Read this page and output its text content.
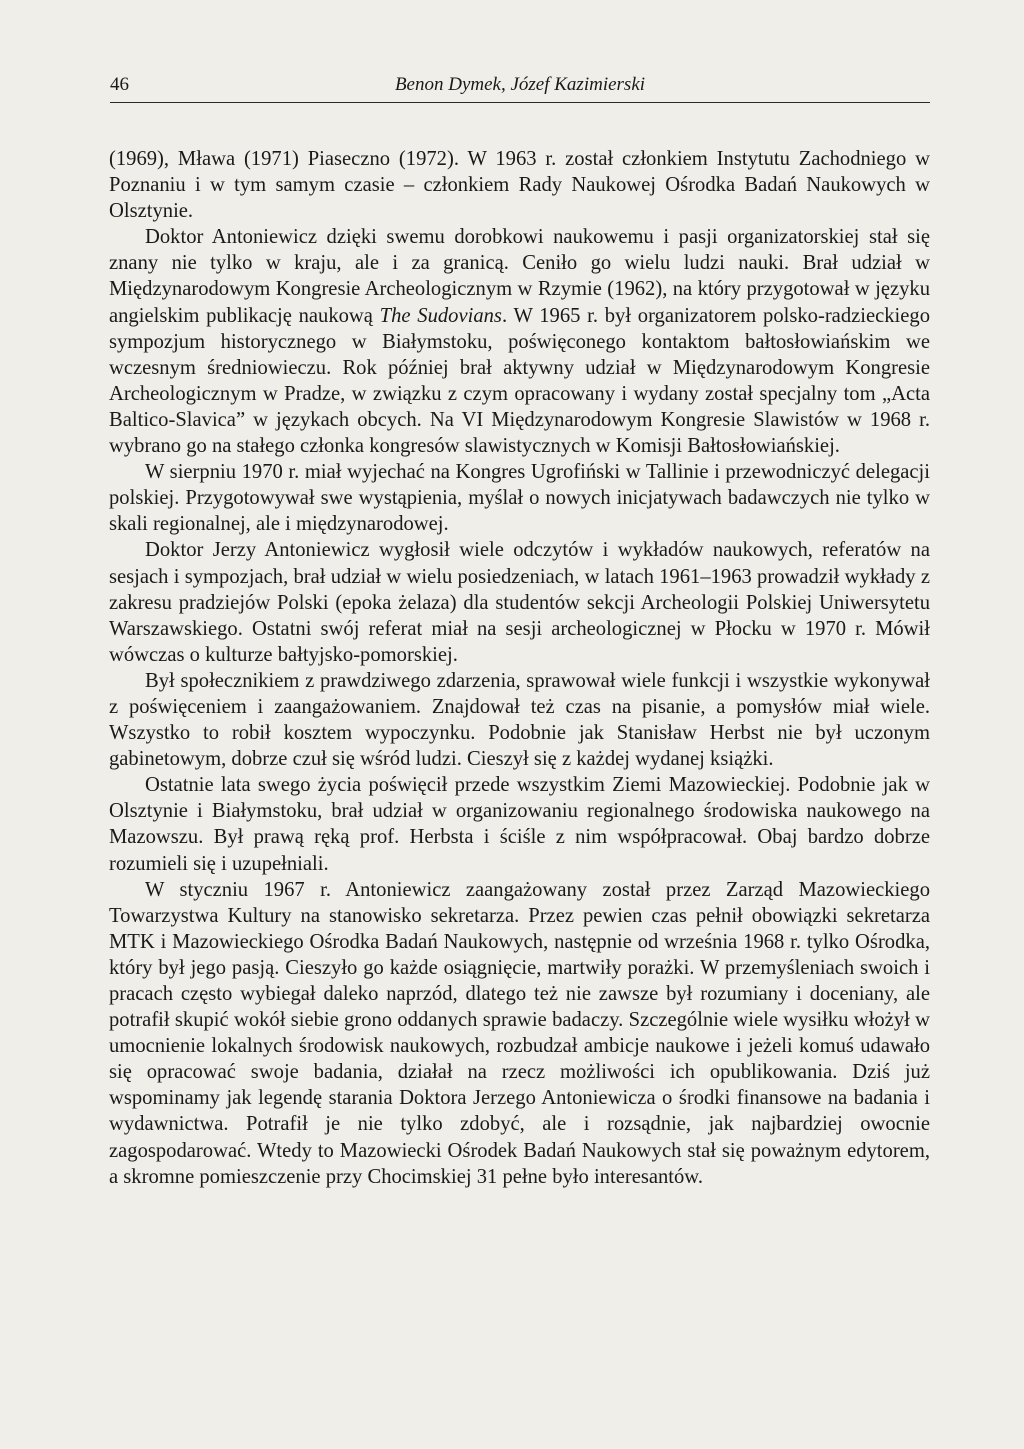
46	Benon Dymek, Józef Kazimierski

(1969), Mława (1971) Piaseczno (1972). W 1963 r. został członkiem Instytutu Zachodniego w Poznaniu i w tym samym czasie – członkiem Rady Naukowej Ośrodka Badań Naukowych w Olsztynie.

Doktor Antoniewicz dzięki swemu dorobkowi naukowemu i pasji organizatorskiej stał się znany nie tylko w kraju, ale i za granicą. Ceniło go wielu ludzi nauki. Brał udział w Międzynarodowym Kongresie Archeologicznym w Rzymie (1962), na który przygotował w języku angielskim publikację naukową The Sudovians. W 1965 r. był organizatorem polsko-radzieckiego sympozjum historycznego w Białymstoku, poświęconego kontaktom bałtosłowiańskim we wczesnym średniowieczu. Rok później brał aktywny udział w Międzynarodowym Kongresie Archeologicznym w Pradze, w związku z czym opracowany i wydany został specjalny tom „Acta Baltico-Slavica” w językach obcych. Na VI Międzynarodowym Kongresie Slawistów w 1968 r. wybrano go na stałego członka kongresów slawistycznych w Komisji Bałtosłowiańskiej.

W sierpniu 1970 r. miał wyjechać na Kongres Ugrofiński w Tallinie i przewodniczyć delegacji polskiej. Przygotowywał swe wystąpienia, myślał o nowych inicjatywach badawczych nie tylko w skali regionalnej, ale i międzynarodowej.

Doktor Jerzy Antoniewicz wygłosił wiele odczytów i wykładów naukowych, referatów na sesjach i sympozjach, brał udział w wielu posiedzeniach, w latach 1961–1963 prowadził wykłady z zakresu pradziejów Polski (epoka żelaza) dla studentów sekcji Archeologii Polskiej Uniwersytetu Warszawskiego. Ostatni swój referat miał na sesji archeologicznej w Płocku w 1970 r. Mówił wówczas o kulturze bałtyjsko-pomorskiej.

Był społecznikiem z prawdziwego zdarzenia, sprawował wiele funkcji i wszystkie wykonywał z poświęceniem i zaangażowaniem. Znajdował też czas na pisanie, a pomysłów miał wiele. Wszystko to robił kosztem wypoczynku. Podobnie jak Stanisław Herbst nie był uczonym gabinetowym, dobrze czuł się wśród ludzi. Cieszył się z każdej wydanej książki.

Ostatnie lata swego życia poświęcił przede wszystkim Ziemi Mazowieckiej. Podobnie jak w Olsztynie i Białymstoku, brał udział w organizowaniu regionalnego środowiska naukowego na Mazowszu. Był prawą ręką prof. Herbsta i ściśle z nim współpracował. Obaj bardzo dobrze rozumieli się i uzupełniali.

W styczniu 1967 r. Antoniewicz zaangażowany został przez Zarząd Mazowieckiego Towarzystwa Kultury na stanowisko sekretarza. Przez pewien czas pełnił obowiązki sekretarza MTK i Mazowieckiego Ośrodka Badań Naukowych, następnie od września 1968 r. tylko Ośrodka, który był jego pasją. Cieszyło go każde osiągnięcie, martwiły porażki. W przemyśleniach swoich i pracach często wybiegał daleko naprzód, dlatego też nie zawsze był rozumiany i doceniany, ale potrafił skupić wokół siebie grono oddanych sprawie badaczy. Szczególnie wiele wysiłku włożył w umocnienie lokalnych środowisk naukowych, rozbudzał ambicje naukowe i jeżeli komuś udawało się opracować swoje badania, działał na rzecz możliwości ich opublikowania. Dziś już wspominamy jak legendę starania Doktora Jerzego Antoniewicza o środki finansowe na badania i wydawnictwa. Potrafił je nie tylko zdobyć, ale i rozsądnie, jak najbardziej owocnie zagospodarować. Wtedy to Mazowiecki Ośrodek Badań Naukowych stał się poważnym edytorem, a skromne pomieszczenie przy Chocimskiej 31 pełne było interesantów.
